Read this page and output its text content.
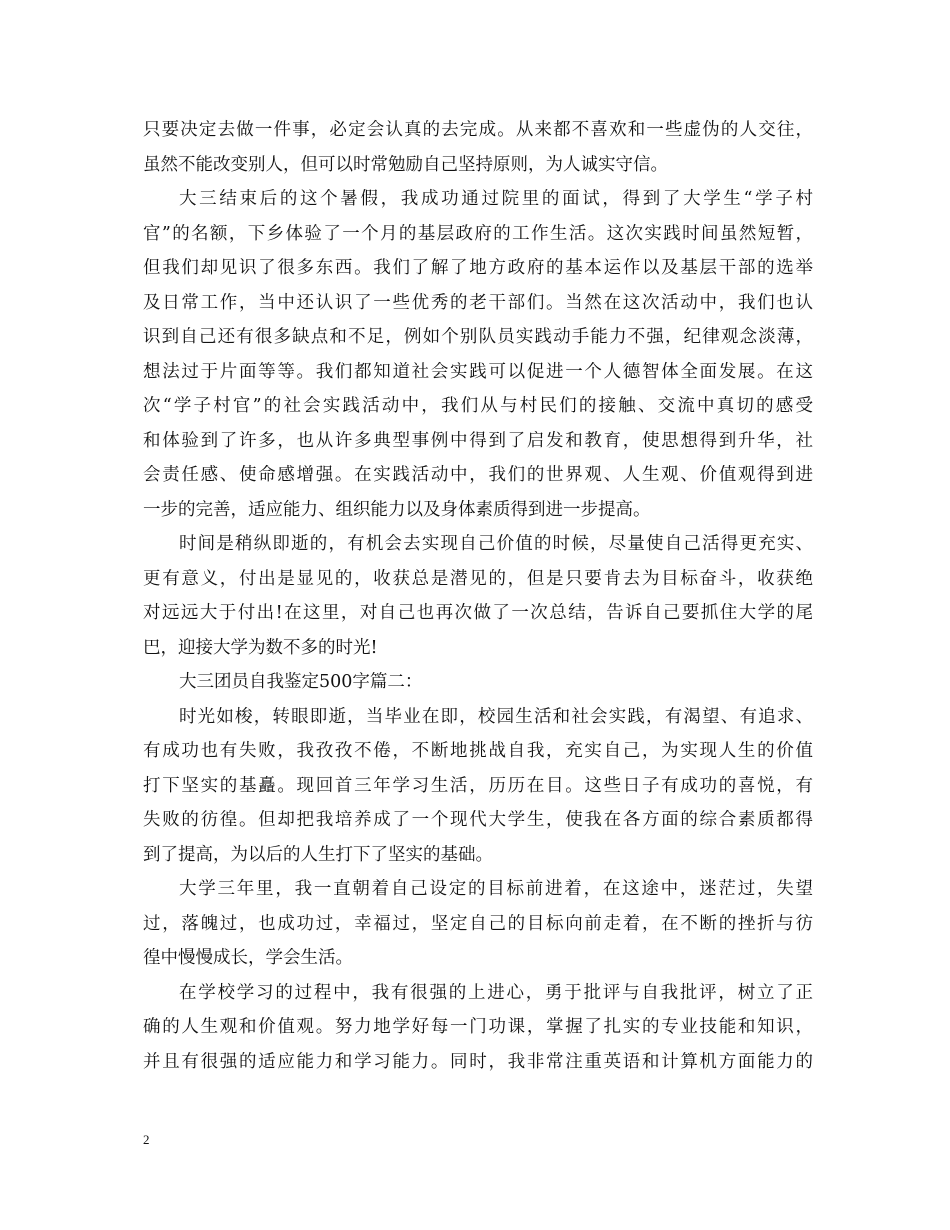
只要决定去做一件事，必定会认真的去完成。从来都不喜欢和一些虚伪的人交往，
虽然不能改变别人，但可以时常勉励自己坚持原则，为人诚实守信。
大三结束后的这个暑假，我成功通过院里的面试，得到了大学生“学子村
官”的名额，下乡体验了一个月的基层政府的工作生活。这次实践时间虽然短暂，
但我们却见识了很多东西。我们了解了地方政府的基本运作以及基层干部的选举
及日常工作，当中还认识了一些优秀的老干部们。当然在这次活动中，我们也认
识到自己还有很多缺点和不足，例如个别队员实践动手能力不强，纪律观念淡薄，
想法过于片面等等。我们都知道社会实践可以促进一个人德智体全面发展。在这
次“学子村官”的社会实践活动中，我们从与村民们的接触、交流中真切的感受
和体验到了许多，也从许多典型事例中得到了启发和教育，使思想得到升华，社
会责任感、使命感增强。在实践活动中，我们的世界观、人生观、价值观得到进
一步的完善，适应能力、组织能力以及身体素质得到进一步提高。
时间是稍纵即逝的，有机会去实现自己价值的时候，尽量使自己活得更充实、
更有意义，付出是显见的，收获总是潜见的，但是只要肯去为目标奋斗，收获绝
对远远大于付出!在这里，对自己也再次做了一次总结，告诉自己要抓住大学的尾
巴，迎接大学为数不多的时光!
大三团员自我鉴定500字篇二：
时光如梭，转眼即逝，当毕业在即，校园生活和社会实践，有渴望、有追求、
有成功也有失败，我孜孜不倦，不断地挑战自我，充实自己，为实现人生的价值
打下坚实的基矗。现回首三年学习生活，历历在目。这些日子有成功的喜悦，有
失败的彷徨。但却把我培养成了一个现代大学生，使我在各方面的综合素质都得
到了提高，为以后的人生打下了坚实的基础。
大学三年里，我一直朝着自己设定的目标前进着，在这途中，迷茫过，失望
过，落魄过，也成功过，幸福过，坚定自己的目标向前走着，在不断的挫折与彷
徨中慢慢成长，学会生活。
在学校学习的过程中，我有很强的上进心，勇于批评与自我批评，树立了正
确的人生观和价值观。努力地学好每一门功课，掌握了扎实的专业技能和知识，
并且有很强的适应能力和学习能力。同时，我非常注重英语和计算机方面能力的
2
